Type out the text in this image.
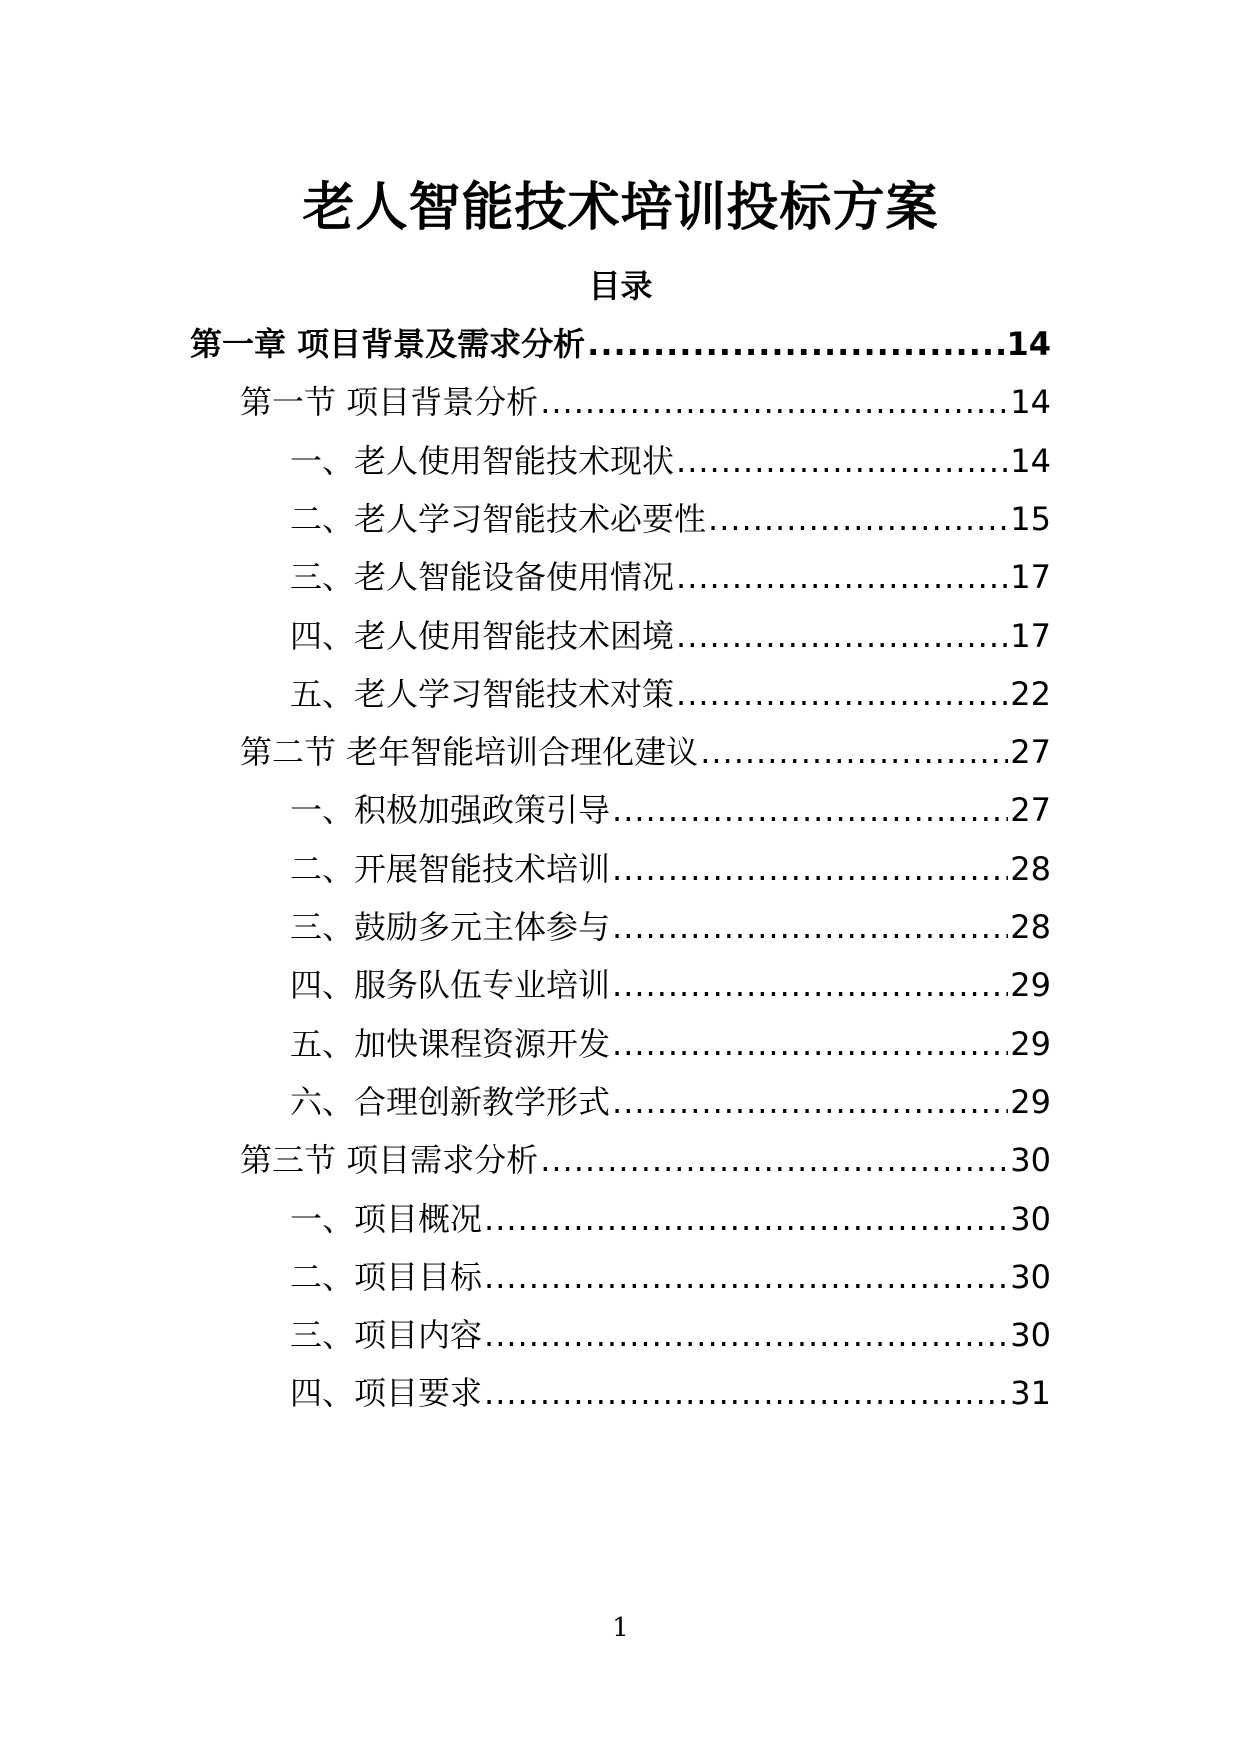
老人智能技术培训投标方案
目录
第一章 项目背景及需求分析 .....	14
第一节 项目背景分析 .....	14
一、老人使用智能技术现状 .....	14
二、老人学习智能技术必要性 .....	15
三、老人智能设备使用情况 .....	17
四、老人使用智能技术困境 .....	17
五、老人学习智能技术对策 .....	22
第二节 老年智能培训合理化建议 .....	27
一、积极加强政策引导 .....	27
二、开展智能技术培训 .....	28
三、鼓励多元主体参与 .....	28
四、服务队伍专业培训 .....	29
五、加快课程资源开发 .....	29
六、合理创新教学形式 .....	29
第三节 项目需求分析 .....	30
一、项目概况 .....	30
二、项目目标 .....	30
三、项目内容 .....	30
四、项目要求 .....	31
1
